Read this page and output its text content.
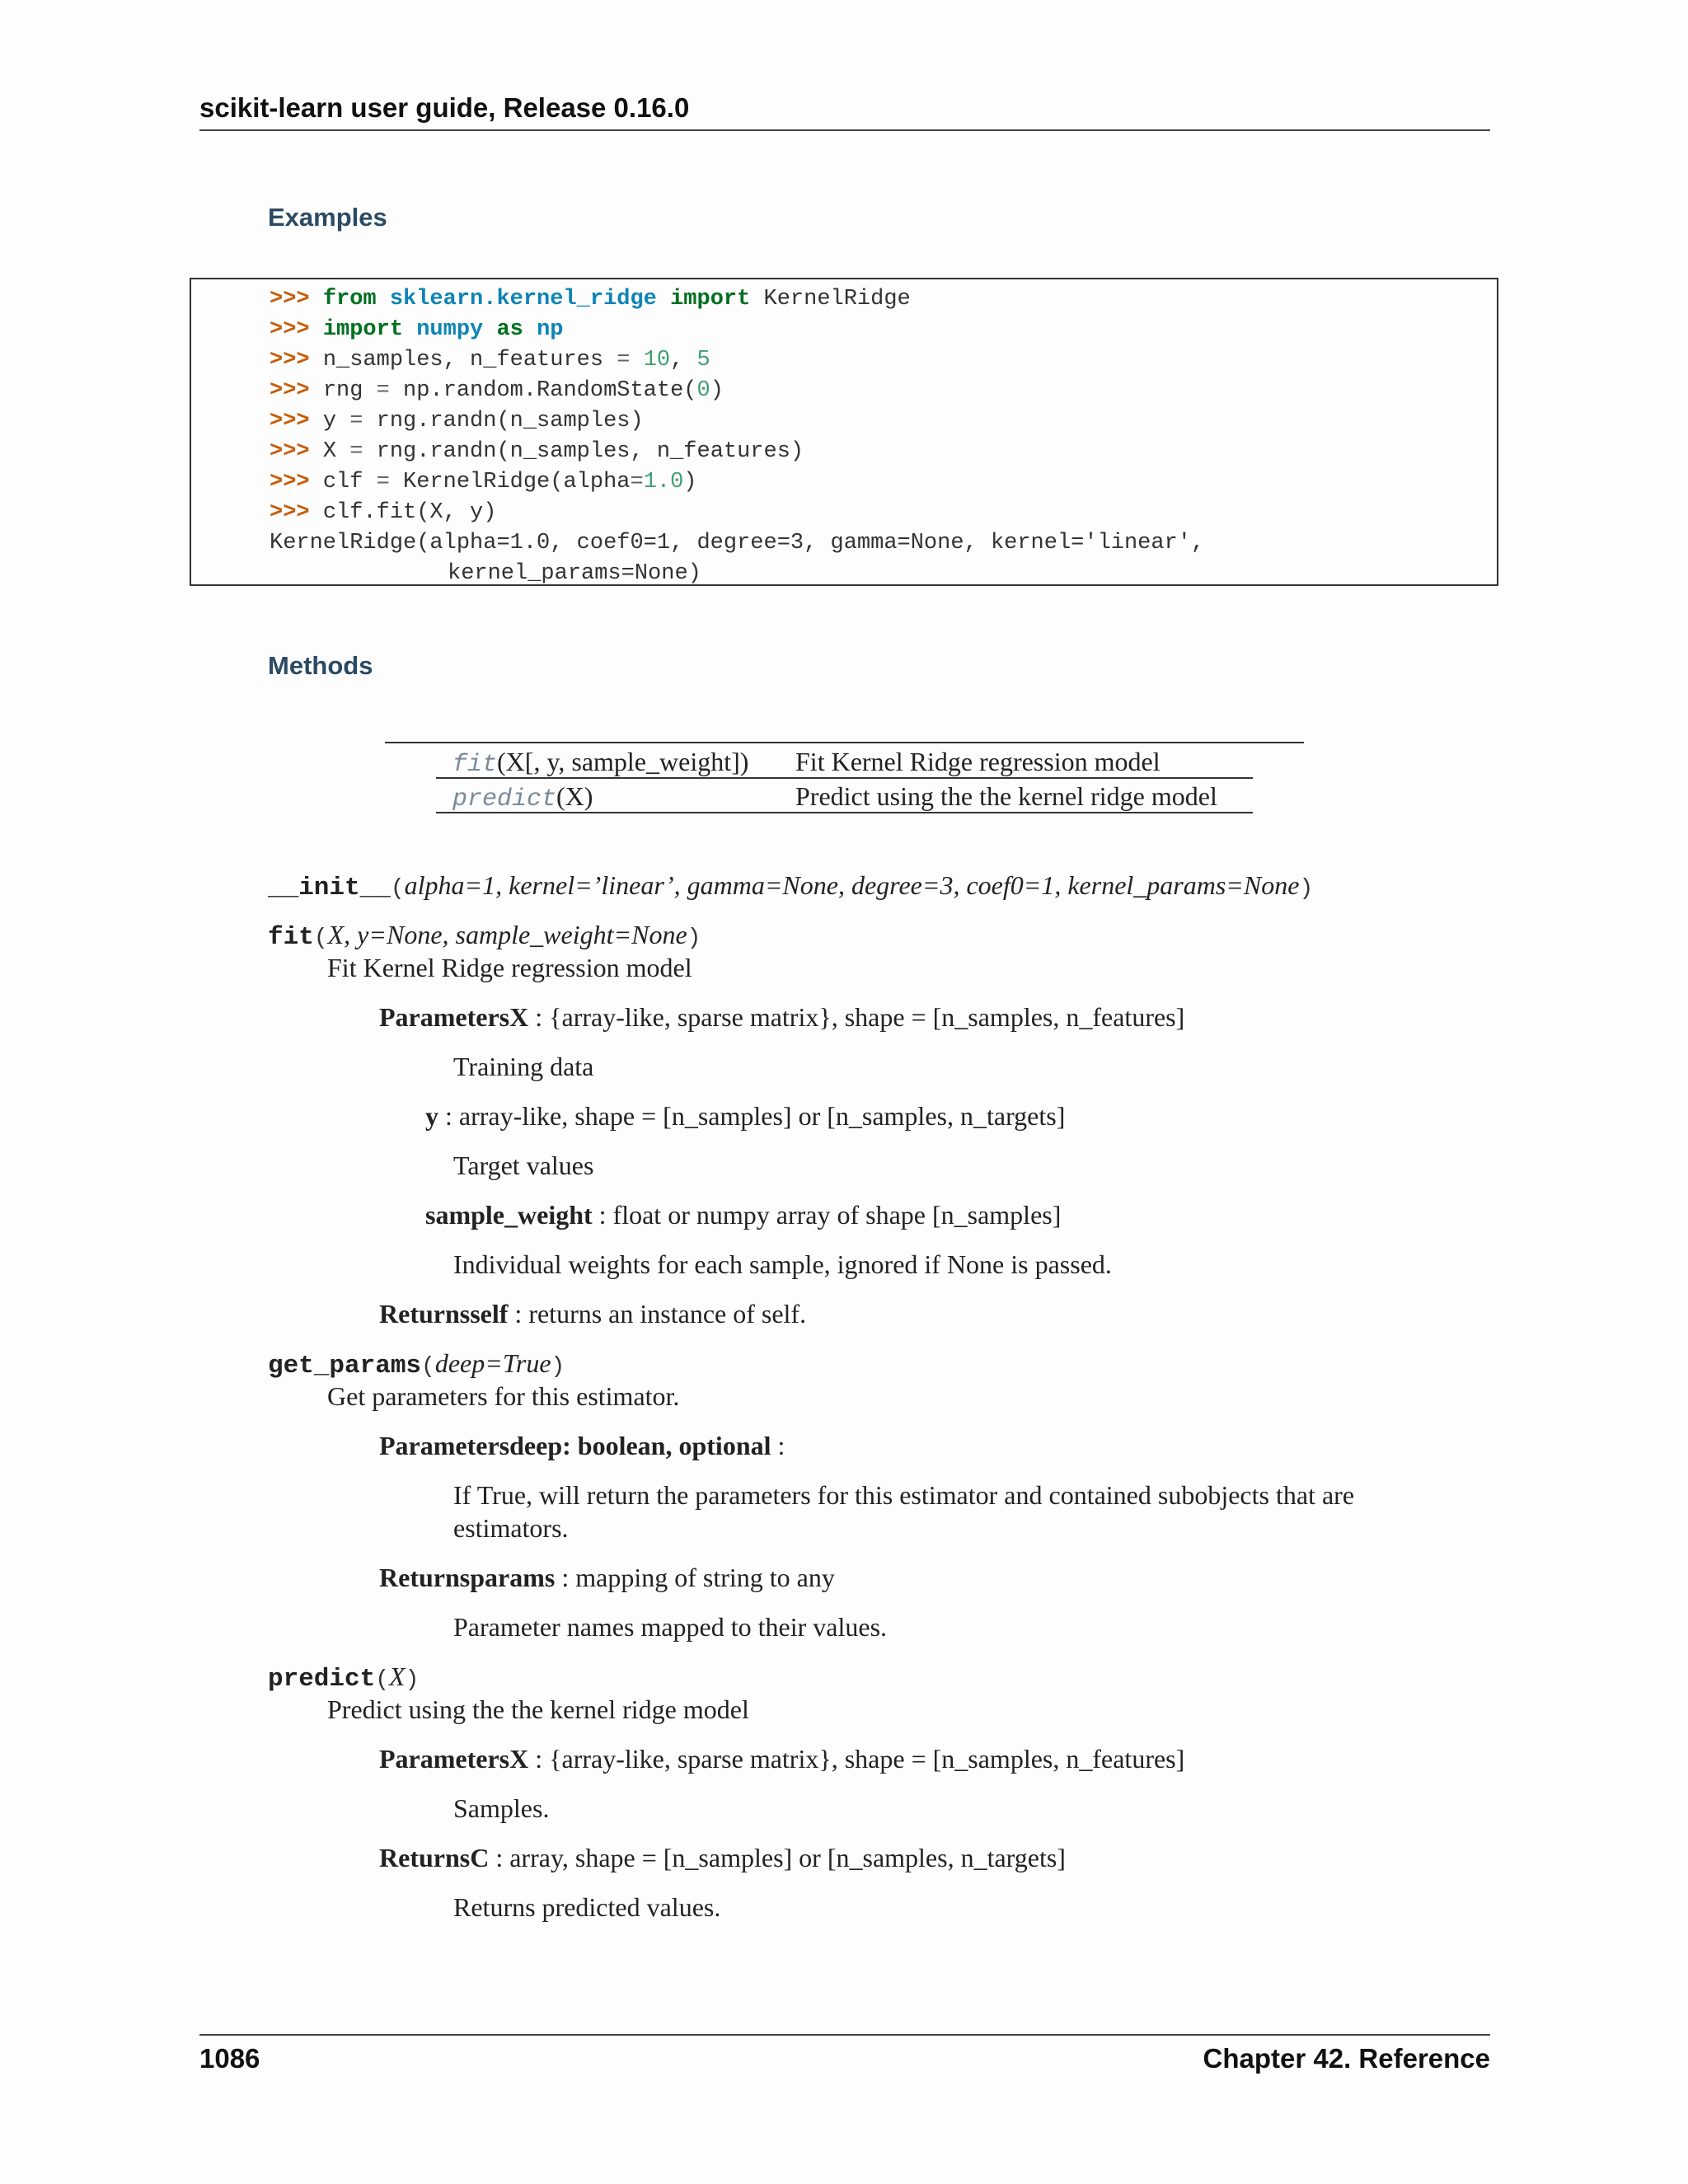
scikit-learn user guide, Release 0.16.0
Examples
>>> from sklearn.kernel_ridge import KernelRidge
>>> import numpy as np
>>> n_samples, n_features = 10, 5
>>> rng = np.random.RandomState(0)
>>> y = rng.randn(n_samples)
>>> X = rng.randn(n_samples, n_features)
>>> clf = KernelRidge(alpha=1.0)
>>> clf.fit(X, y)
KernelRidge(alpha=1.0, coef0=1, degree=3, gamma=None, kernel='linear',
kernel_params=None)
Methods
fit(X[, y, sample_weight]) Fit Kernel Ridge regression model
predict(X)	Predict using the the kernel ridge model
__init__(alpha=1, kernel=’linear’, gamma=None, degree=3, coef0=1, kernel_params=None)
fit(X, y=None, sample_weight=None)
Fit Kernel Ridge regression model
ParametersX : {array-like, sparse matrix}, shape = [n_samples, n_features]
Training data
y : array-like, shape = [n_samples] or [n_samples, n_targets]
Target values
sample_weight : float or numpy array of shape [n_samples]
Individual weights for each sample, ignored if None is passed.
Returnsself : returns an instance of self.
get_params(deep=True)
Get parameters for this estimator.
Parametersdeep: boolean, optional :
If True, will return the parameters for this estimator and contained subobjects that are estimators.
Returnsparams : mapping of string to any
Parameter names mapped to their values.
predict(X)
Predict using the the kernel ridge model
ParametersX : {array-like, sparse matrix}, shape = [n_samples, n_features]
Samples.
ReturnsC : array, shape = [n_samples] or [n_samples, n_targets]
Returns predicted values.
1086	Chapter 42. Reference
